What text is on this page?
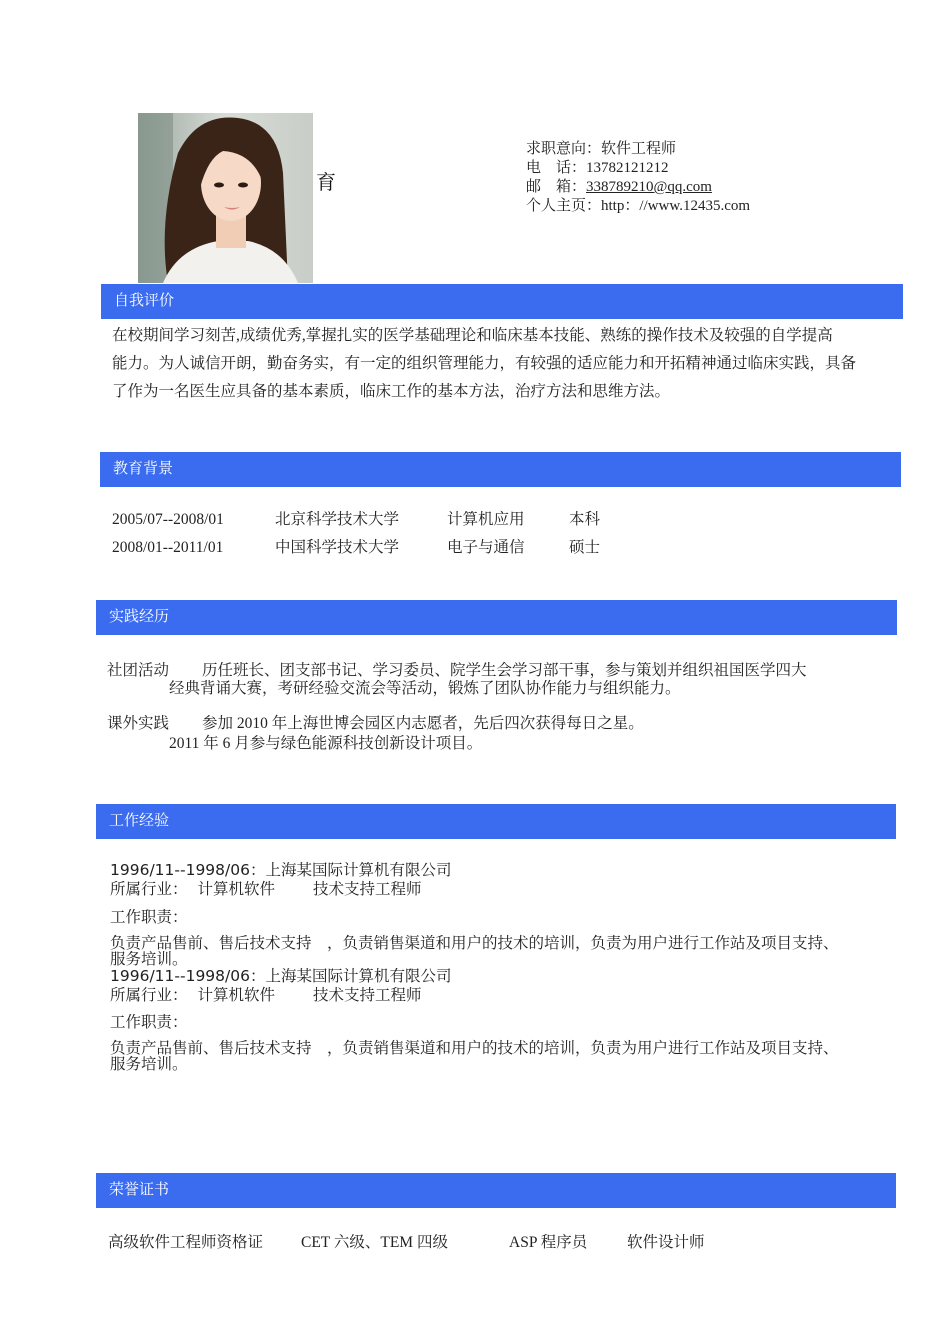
育
求职意向：软件工程师
电　话：13782121212
邮　箱：338789210@qq.com
个人主页：http：//www.12435.com
自我评价
在校期间学习刻苦,成绩优秀,掌握扎实的医学基础理论和临床基本技能、熟练的操作技术及较强的自学提高
能力。为人诚信开朗，勤奋务实，有一定的组织管理能力，有较强的适应能力和开拓精神通过临床实践，具备
了作为一名医生应具备的基本素质，临床工作的基本方法，治疗方法和思维方法。
教育背景
2005/07--2008/01	北京科学技术大学	计算机应用	本科
2008/01--2011/01	中国科学技术大学	电子与通信	硕士
实践经历
社团活动 历任班长、团支部书记、学习委员、院学生会学习部干事，参与策划并组织祖国医学四大
经典背诵大赛，考研经验交流会等活动，锻炼了团队协作能力与组织能力。
课外实践 参加 2010 年上海世博会园区内志愿者，先后四次获得每日之星。
2011 年 6 月参与绿色能源科技创新设计项目。
工作经验
1996/11--1998/06：上海某国际计算机有限公司
所属行业： 计算机软件 技术支持工程师
工作职责：
负责产品售前、售后技术支持　，负责销售渠道和用户的技术的培训，负责为用户进行工作站及项目支持、
服务培训。
1996/11--1998/06：上海某国际计算机有限公司
所属行业： 计算机软件 技术支持工程师
工作职责：
负责产品售前、售后技术支持　，负责销售渠道和用户的技术的培训，负责为用户进行工作站及项目支持、
服务培训。
荣誉证书
高级软件工程师资格证 CET 六级、TEM 四级	ASP 程序员	软件设计师
